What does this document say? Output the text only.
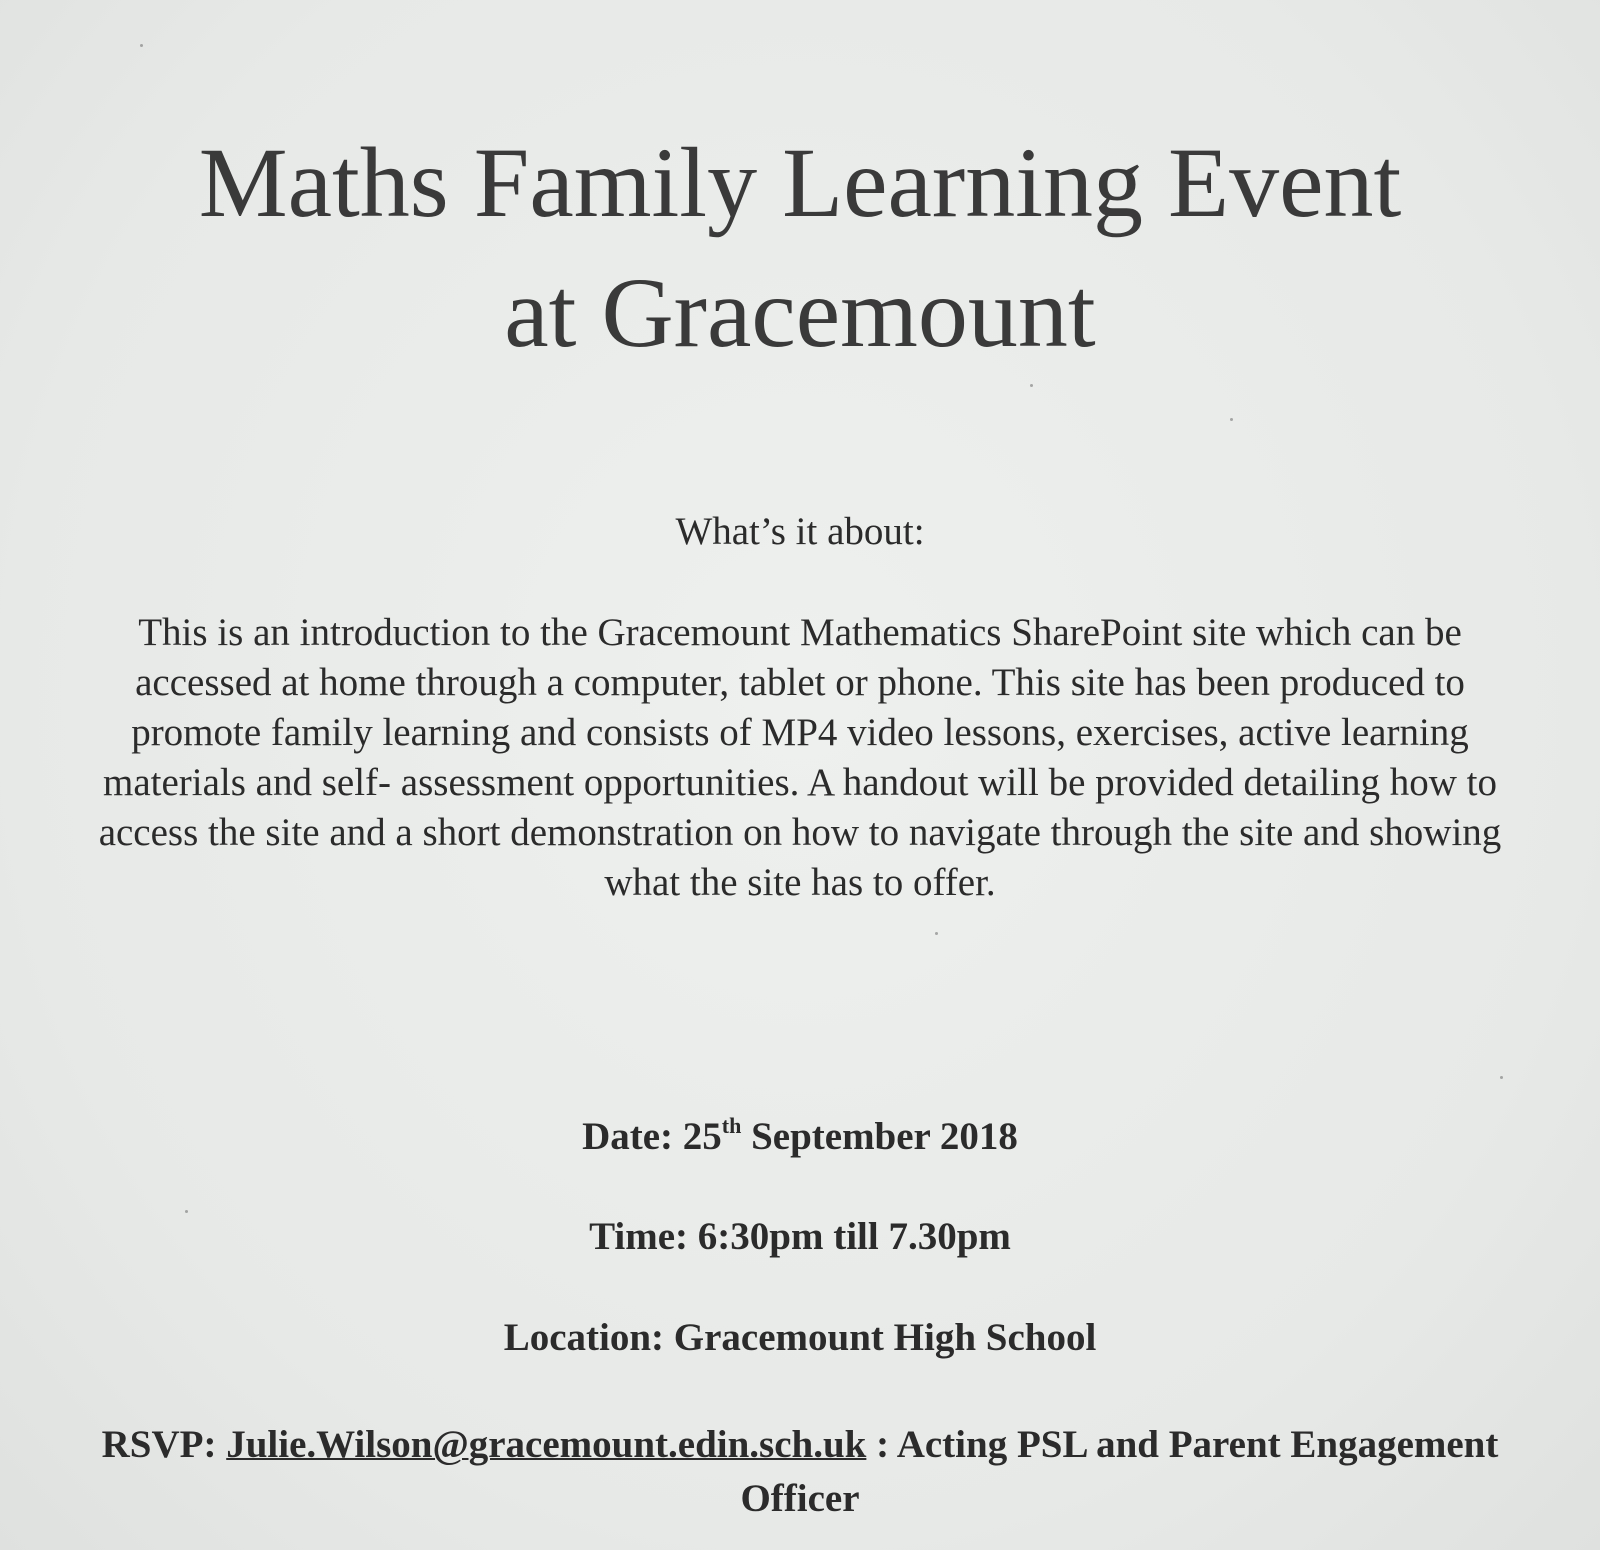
Maths Family Learning Event
at Gracemount

What’s it about:

This is an introduction to the Gracemount Mathematics SharePoint site which can be accessed at home through a computer, tablet or phone. This site has been produced to promote family learning and consists of MP4 video lessons, exercises, active learning materials and self- assessment opportunities. A handout will be provided detailing how to access the site and a short demonstration on how to navigate through the site and showing what the site has to offer.

Date: 25th September 2018

Time: 6:30pm till 7.30pm

Location: Gracemount High School

RSVP: Julie.Wilson@gracemount.edin.sch.uk : Acting PSL and Parent Engagement Officer
